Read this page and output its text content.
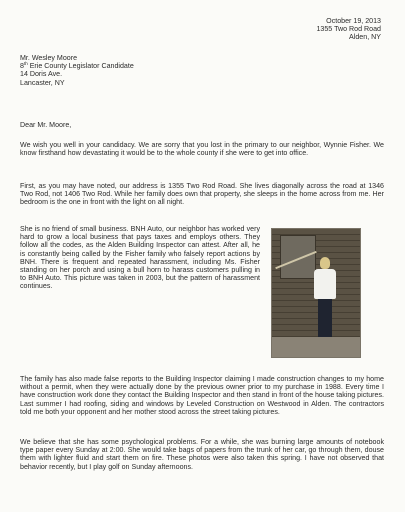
October 19, 2013
1355 Two Rod Road
Alden, NY
Mr. Wesley Moore
8th Erie County Legislator Candidate
14 Doris Ave.
Lancaster, NY
Dear Mr. Moore,
We wish you well in your candidacy. We are sorry that you lost in the primary to our neighbor, Wynnie Fisher. We know firsthand how devastating it would be to the whole county if she were to get into office.
First, as you may have noted, our address is 1355 Two Rod Road. She lives diagonally across the road at 1346 Two Rod, not 1406 Two Rod. While her family does own that property, she sleeps in the home across from me. Her bedroom is the one in front with the light on all night.
She is no friend of small business. BNH Auto, our neighbor has worked very hard to grow a local business that pays taxes and employs others. They follow all the codes, as the Alden Building Inspector can attest. After all, he is constantly being called by the Fisher family who falsely report actions by BNH. There is frequent and repeated harassment, including Ms. Fisher standing on her porch and using a bull horn to harass customers pulling in to BNH Auto. This picture was taken in 2003, but the pattern of harassment continues.
The family has also made false reports to the Building Inspector claiming I made construction changes to my home without a permit, when they were actually done by the previous owner prior to my purchase in 1988. Every time I have construction work done they contact the Building Inspector and then stand in front of the house taking pictures. Last summer I had roofing, siding and windows by Leveled Construction on Westwood in Alden. The contractors told me both your opponent and her mother stood across the street taking pictures.
We believe that she has some psychological problems. For a while, she was burning large amounts of notebook type paper every Sunday at 2:00. She would take bags of papers from the trunk of her car, go through them, douse them with lighter fluid and start them on fire. These photos were also taken this spring. I have not observed that behavior recently, but I play golf on Sunday afternoons.
